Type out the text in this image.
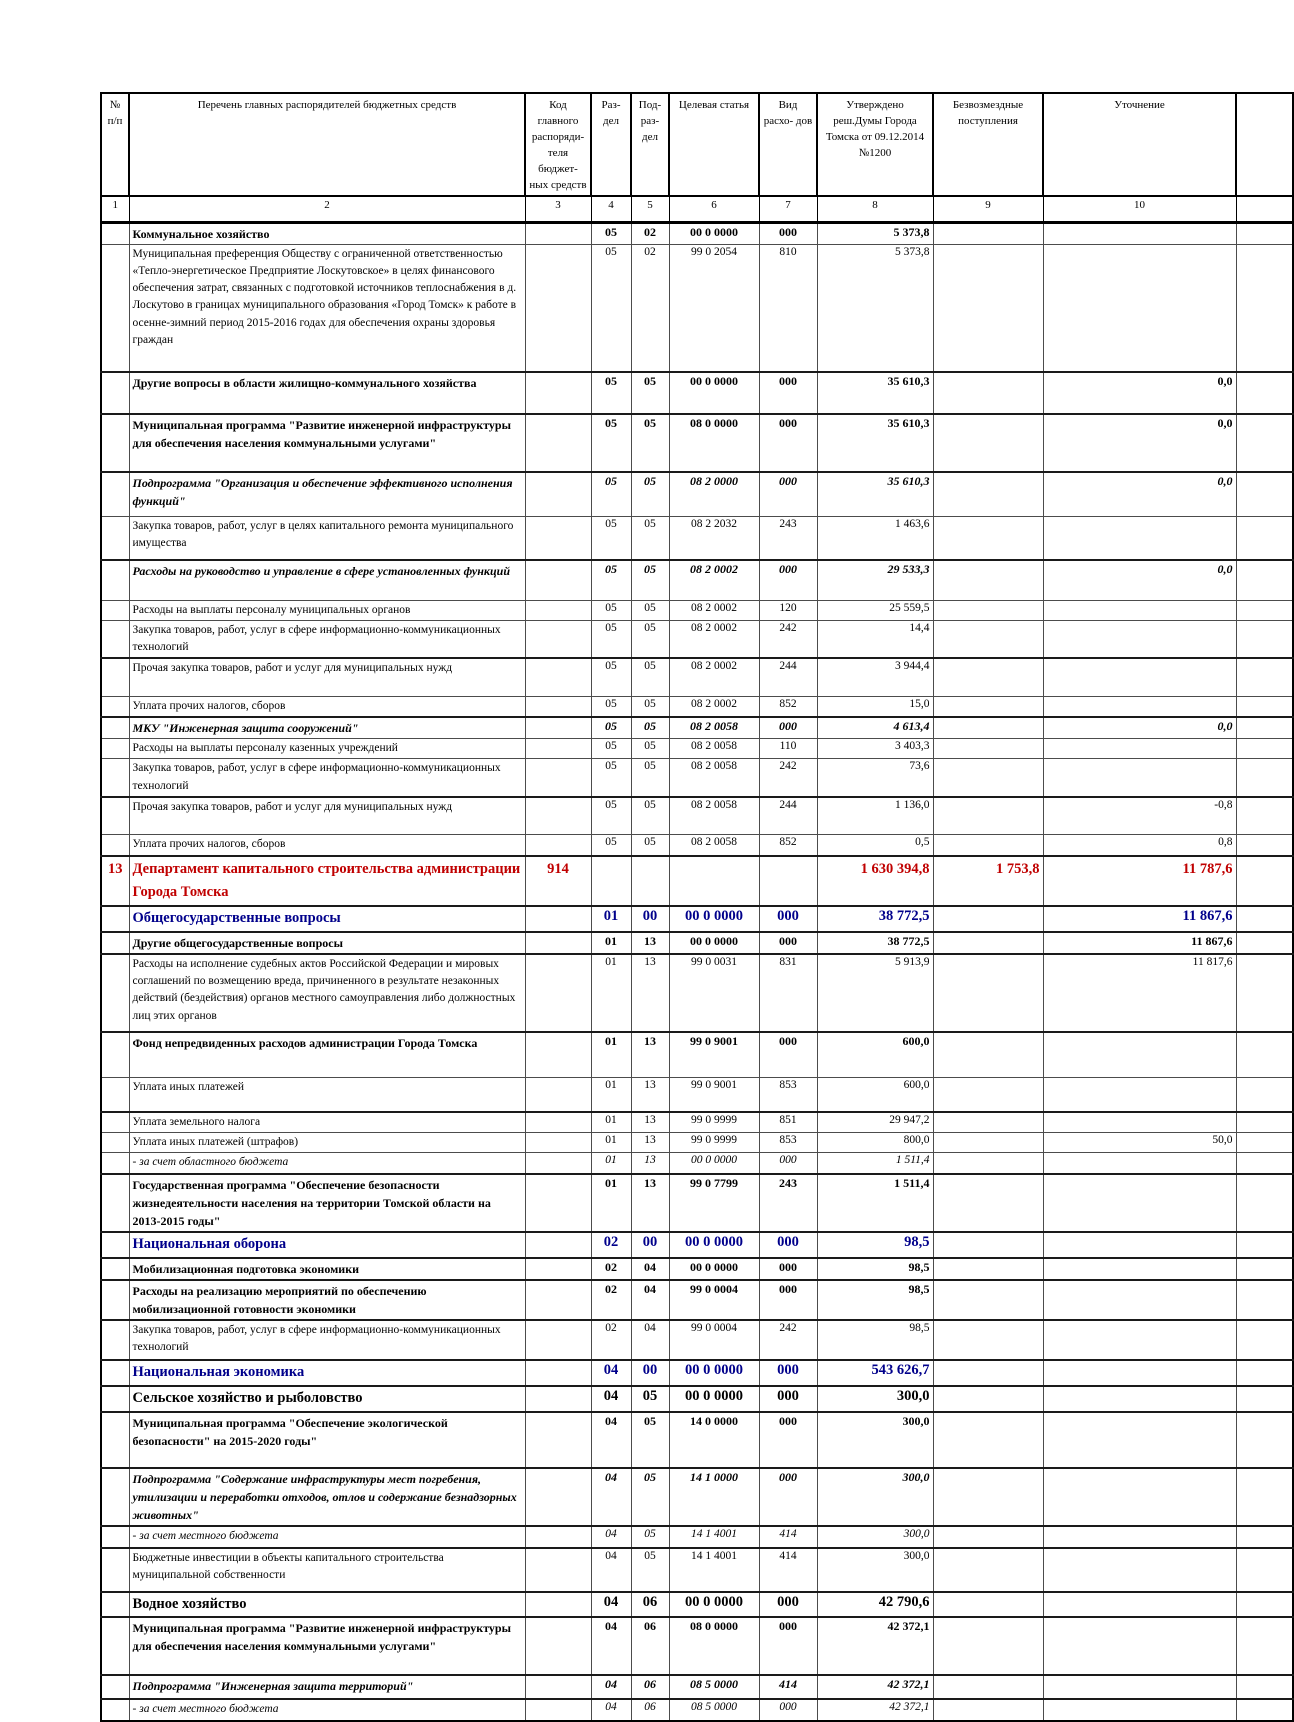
№ п/п	Перечень главных распорядителей бюджетных средств	Код главного распоряди- теля бюджет- ных средств	Раз- дел	Под- раз- дел	Целевая статья	Вид расхо- дов	Утверждено реш.Думы Города Томска от 09.12.2014 №1200	Безвозмездные поступления	Уточнение	
1	2	3	4	5	6	7	8	9	10	
	Коммунальное хозяйство		05	02	00 0 0000	000	5 373,8			
	Муниципальная преференция Обществу с ограниченной ответственностью «Тепло-энергетическое Предприятие Лоскутовское» в целях финансового обеспечения затрат, связанных с подготовкой источников теплоснабжения в д. Лоскутово в границах муниципального образования «Город Томск» к работе в осенне-зимний период 2015-2016 годах для обеспечения охраны здоровья граждан		05	02	99 0 2054	810	5 373,8			
	Другие вопросы в области жилищно-коммунального хозяйства		05	05	00 0 0000	000	35 610,3		0,0	
	Муниципальная программа "Развитие инженерной инфраструктуры для обеспечения населения коммунальными услугами"		05	05	08 0 0000	000	35 610,3		0,0	
	Подпрограмма "Организация и обеспечение эффективного исполнения функций"		05	05	08 2 0000	000	35 610,3		0,0	
	Закупка товаров, работ, услуг в целях капитального ремонта муниципального имущества		05	05	08 2 2032	243	1 463,6			
	Расходы на руководство и управление в сфере установленных функций		05	05	08 2 0002	000	29 533,3		0,0	
	Расходы на выплаты персоналу муниципальных органов		05	05	08 2 0002	120	25 559,5			
	Закупка товаров, работ, услуг в сфере информационно-коммуникационных технологий		05	05	08 2 0002	242	14,4			
	Прочая закупка товаров, работ и услуг для муниципальных нужд		05	05	08 2 0002	244	3 944,4			
	Уплата прочих налогов, сборов		05	05	08 2 0002	852	15,0			
	МКУ "Инженерная защита сооружений"		05	05	08 2 0058	000	4 613,4		0,0	
	Расходы на выплаты персоналу казенных учреждений		05	05	08 2 0058	110	3 403,3			
	Закупка товаров, работ, услуг в сфере информационно-коммуникационных технологий		05	05	08 2 0058	242	73,6			
	Прочая закупка товаров, работ и услуг для муниципальных нужд		05	05	08 2 0058	244	1 136,0		-0,8	
	Уплата прочих налогов, сборов		05	05	08 2 0058	852	0,5		0,8	
13	Департамент капитального строительства администрации Города Томска	914					1 630 394,8	1 753,8	11 787,6	
	Общегосударственные вопросы		01	00	00 0 0000	000	38 772,5		11 867,6	
	Другие общегосударственные вопросы		01	13	00 0 0000	000	38 772,5		11 867,6	
	Расходы на исполнение судебных актов Российской Федерации и мировых соглашений по возмещению вреда, причиненного в результате незаконных действий (бездействия) органов местного самоуправления либо должностных лиц этих органов		01	13	99 0 0031	831	5 913,9		11 817,6	
	Фонд непредвиденных расходов администрации Города Томска		01	13	99 0 9001	000	600,0			
	Уплата иных платежей		01	13	99 0 9001	853	600,0			
	Уплата земельного налога		01	13	99 0 9999	851	29 947,2			
	Уплата иных платежей (штрафов)		01	13	99 0 9999	853	800,0		50,0	
	- за счет областного бюджета		01	13	00 0 0000	000	1 511,4			
	Государственная программа "Обеспечение безопасности жизнедеятельности населения на территории Томской области на 2013-2015 годы"		01	13	99 0 7799	243	1 511,4			
	Национальная оборона		02	00	00 0 0000	000	98,5			
	Мобилизационная подготовка экономики		02	04	00 0 0000	000	98,5			
	Расходы на реализацию мероприятий по обеспечению мобилизационной готовности экономики		02	04	99 0 0004	000	98,5			
	Закупка товаров, работ, услуг в сфере информационно-коммуникационных технологий		02	04	99 0 0004	242	98,5			
	Национальная экономика		04	00	00 0 0000	000	543 626,7			
	Сельское хозяйство и рыболовство		04	05	00 0 0000	000	300,0			
	Муниципальная программа "Обеспечение экологической безопасности" на 2015-2020 годы"		04	05	14 0 0000	000	300,0			
	Подпрограмма "Содержание инфраструктуры мест погребения, утилизации и переработки отходов, отлов и содержание безнадзорных животных"		04	05	14 1 0000	000	300,0			
	- за счет местного бюджета		04	05	14 1 4001	414	300,0			
	Бюджетные инвестиции в объекты капитального строительства муниципальной собственности		04	05	14 1 4001	414	300,0			
	Водное хозяйство		04	06	00 0 0000	000	42 790,6			
	Муниципальная программа "Развитие инженерной инфраструктуры для обеспечения населения коммунальными услугами"		04	06	08 0 0000	000	42 372,1			
	Подпрограмма "Инженерная защита территорий"		04	06	08 5 0000	414	42 372,1			
	- за счет местного бюджета		04	06	08 5 0000	000	42 372,1			
